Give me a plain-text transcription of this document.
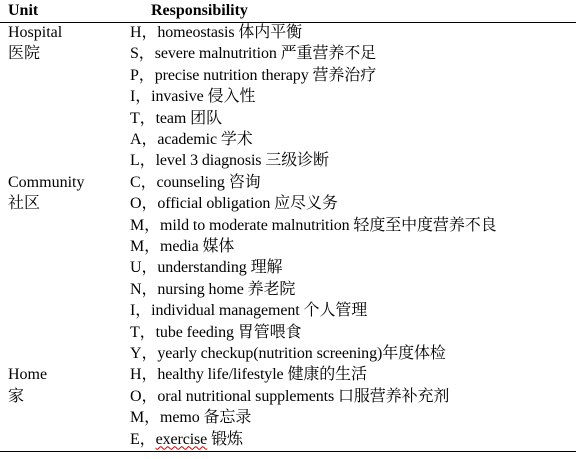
Unit	Responsibility
Hospital
医院
Community
社区
Home
家
H，homeostasis 体内平衡
S，severe malnutrition 严重营养不足
P，precise nutrition therapy 营养治疗
I，invasive 侵入性
T，team 团队
A，academic 学术
L，level 3 diagnosis 三级诊断
C，counseling 咨询
O，official obligation 应尽义务
M，mild to moderate malnutrition 轻度至中度营养不良
M，media 媒体
U，understanding 理解
N，nursing home 养老院
I，individual management 个人管理
T，tube feeding 胃管喂食
Y，yearly checkup(nutrition screening)年度体检
H，healthy life/lifestyle 健康的生活
O，oral nutritional supplements 口服营养补充剂
M，memo 备忘录
E，exercise 锻炼
